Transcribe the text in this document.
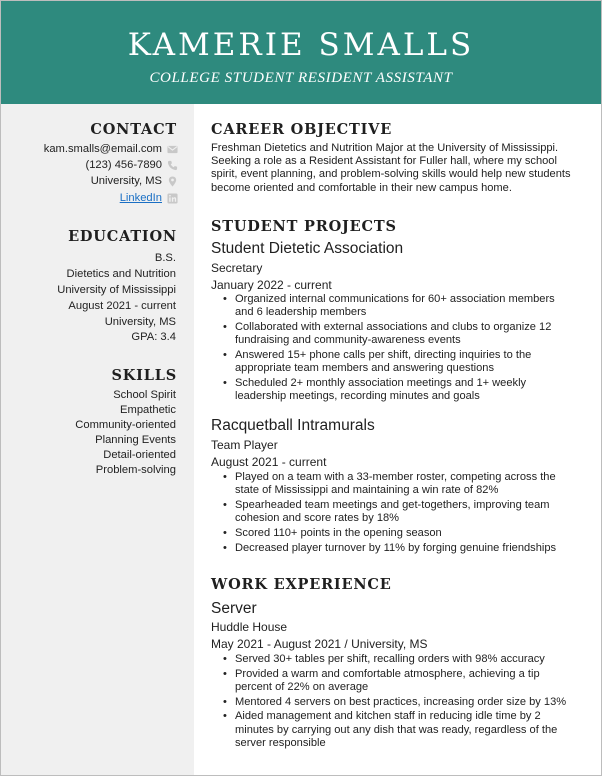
KAMERIE SMALLS
COLLEGE STUDENT RESIDENT ASSISTANT
CONTACT
kam.smalls@email.com
(123) 456-7890
University, MS
LinkedIn
EDUCATION
B.S.
Dietetics and Nutrition
University of Mississippi
August 2021 - current
University, MS
GPA: 3.4
SKILLS
School Spirit
Empathetic
Community-oriented
Planning Events
Detail-oriented
Problem-solving
CAREER OBJECTIVE
Freshman Dietetics and Nutrition Major at the University of Mississippi. Seeking a role as a Resident Assistant for Fuller hall, where my school spirit, event planning, and problem-solving skills would help new students become oriented and comfortable in their new campus home.
STUDENT PROJECTS
Student Dietetic Association
Secretary
January 2022 - current
• Organized internal communications for 60+ association members and 6 leadership members
• Collaborated with external associations and clubs to organize 12 fundraising and community-awareness events
• Answered 15+ phone calls per shift, directing inquiries to the appropriate team members and answering questions
• Scheduled 2+ monthly association meetings and 1+ weekly leadership meetings, recording minutes and goals
Racquetball Intramurals
Team Player
August 2021 - current
• Played on a team with a 33-member roster, competing across the state of Mississippi and maintaining a win rate of 82%
• Spearheaded team meetings and get-togethers, improving team cohesion and score rates by 18%
• Scored 110+ points in the opening season
• Decreased player turnover by 11% by forging genuine friendships
WORK EXPERIENCE
Server
Huddle House
May 2021 - August 2021 / University, MS
• Served 30+ tables per shift, recalling orders with 98% accuracy
• Provided a warm and comfortable atmosphere, achieving a tip percent of 22% on average
• Mentored 4 servers on best practices, increasing order size by 13%
• Aided management and kitchen staff in reducing idle time by 2 minutes by carrying out any dish that was ready, regardless of the server responsible
